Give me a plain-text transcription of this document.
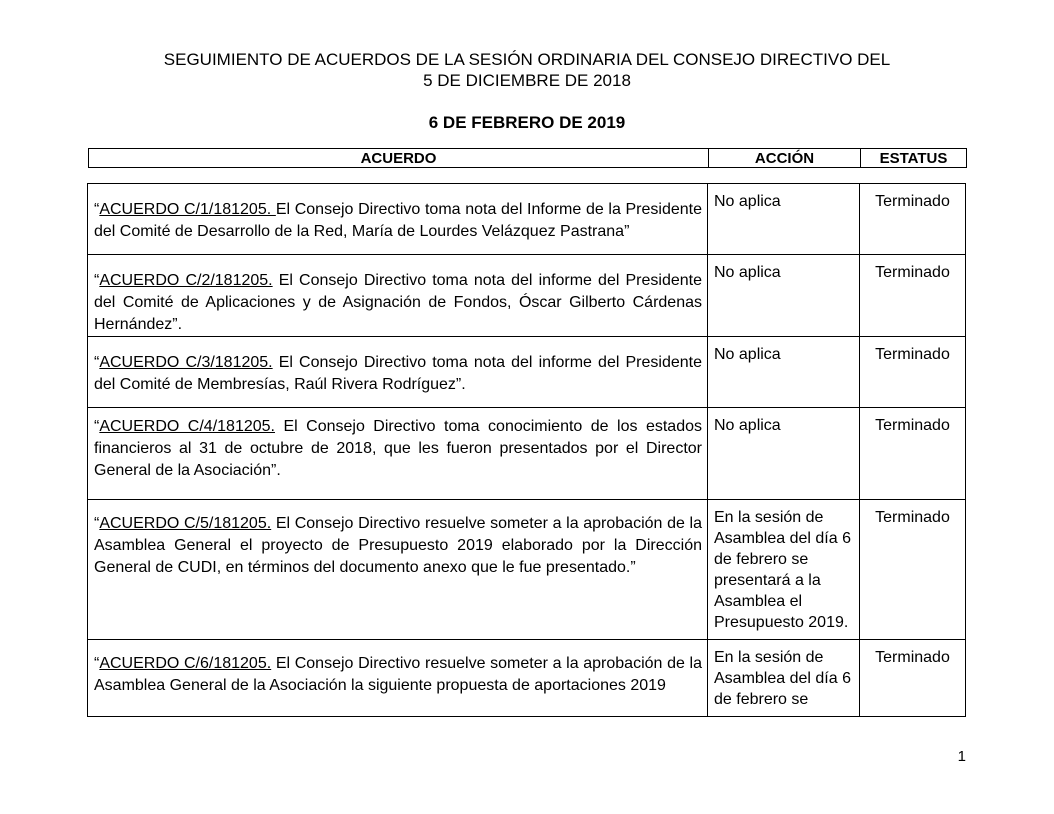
SEGUIMIENTO DE ACUERDOS DE LA SESIÓN ORDINARIA DEL CONSEJO DIRECTIVO DEL
5 DE DICIEMBRE DE 2018
6 DE FEBRERO DE 2019
ACUERDO	ACCIÓN	ESTATUS
“ACUERDO C/1/181205. El Consejo Directivo toma nota del Informe de la Presidente del Comité de Desarrollo de la Red, María de Lourdes Velázquez Pastrana”	No aplica	Terminado
“ACUERDO C/2/181205. El Consejo Directivo toma nota del informe del Presidente del Comité de Aplicaciones y de Asignación de Fondos, Óscar Gilberto Cárdenas Hernández”.	No aplica	Terminado
“ACUERDO C/3/181205. El Consejo Directivo toma nota del informe del Presidente del Comité de Membresías, Raúl Rivera Rodríguez”.	No aplica	Terminado
“ACUERDO C/4/181205. El Consejo Directivo toma conocimiento de los estados financieros al 31 de octubre de 2018, que les fueron presentados por el Director General de la Asociación”.	No aplica	Terminado
“ACUERDO C/5/181205. El Consejo Directivo resuelve someter a la aprobación de la Asamblea General el proyecto de Presupuesto 2019 elaborado por la Dirección General de CUDI, en términos del documento anexo que le fue presentado.”	En la sesión de Asamblea del día 6 de febrero se presentará a la Asamblea el Presupuesto 2019.	Terminado
“ACUERDO C/6/181205. El Consejo Directivo resuelve someter a la aprobación de la Asamblea General de la Asociación la siguiente propuesta de aportaciones 2019	En la sesión de Asamblea del día 6 de febrero se	Terminado
1
